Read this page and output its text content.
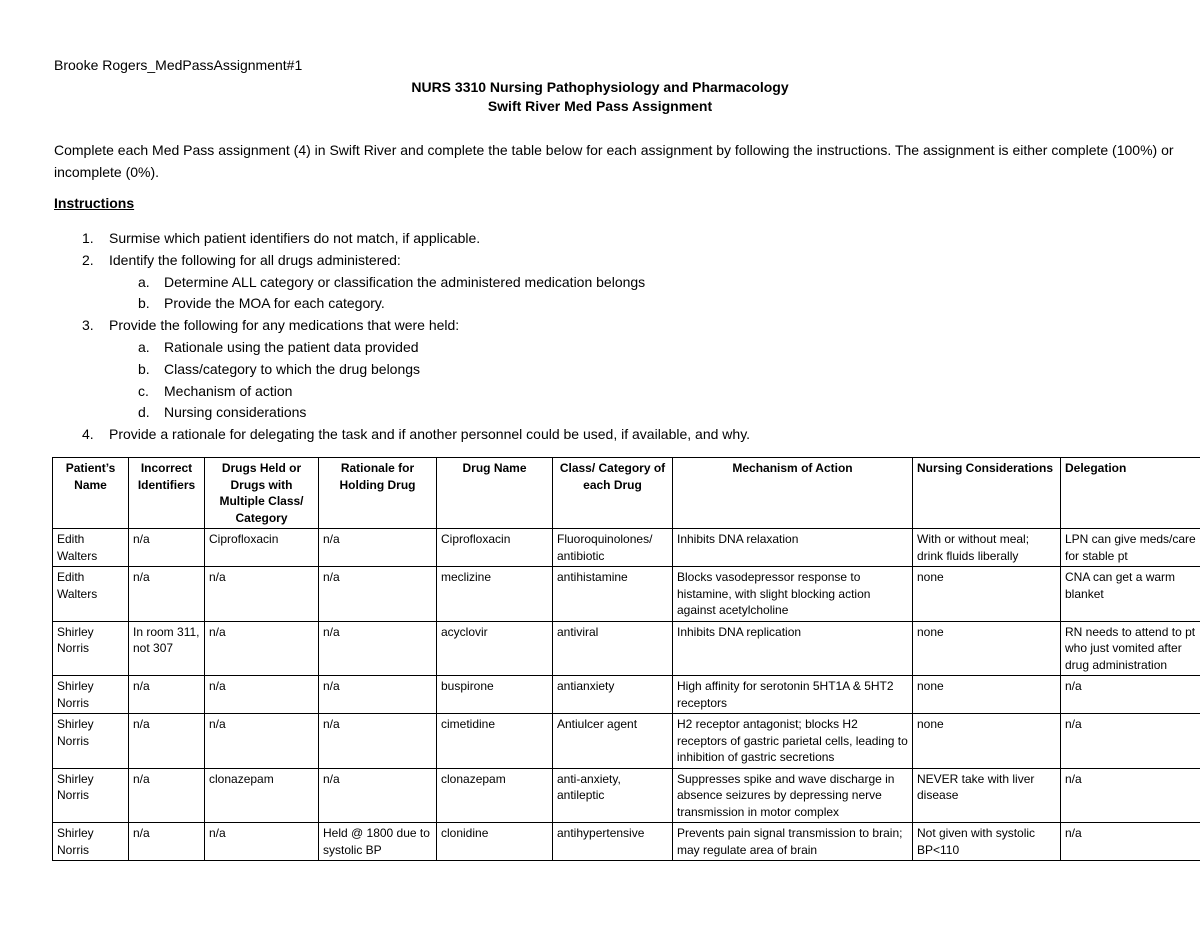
Brooke Rogers_MedPassAssignment#1
NURS 3310 Nursing Pathophysiology and Pharmacology
Swift River Med Pass Assignment
Complete each Med Pass assignment (4) in Swift River and complete the table below for each assignment by following the instructions. The assignment is either complete (100%) or incomplete (0%).
Instructions
1. Surmise which patient identifiers do not match, if applicable.
2. Identify the following for all drugs administered:
a. Determine ALL category or classification the administered medication belongs
b. Provide the MOA for each category.
3. Provide the following for any medications that were held:
a. Rationale using the patient data provided
b. Class/category to which the drug belongs
c. Mechanism of action
d. Nursing considerations
4. Provide a rationale for delegating the task and if another personnel could be used, if available, and why.
Patient’s Name	Incorrect Identifiers	Drugs Held or Drugs with Multiple Class/ Category	Rationale for Holding Drug	Drug Name	Class/ Category of each Drug	Mechanism of Action	Nursing Considerations	Delegation
Edith Walters	n/a	Ciprofloxacin	n/a	Ciprofloxacin	Fluoroquinolones/ antibiotic	Inhibits DNA relaxation	With or without meal; drink fluids liberally	LPN can give meds/care for stable pt
Edith Walters	n/a	n/a	n/a	meclizine	antihistamine	Blocks vasodepressor response to histamine, with slight blocking action against acetylcholine	none	CNA can get a warm blanket
Shirley Norris	In room 311, not 307	n/a	n/a	acyclovir	antiviral	Inhibits DNA replication	none	RN needs to attend to pt who just vomited after drug administration
Shirley Norris	n/a	n/a	n/a	buspirone	antianxiety	High affinity for serotonin 5HT1A & 5HT2 receptors	none	n/a
Shirley Norris	n/a	n/a	n/a	cimetidine	Antiulcer agent	H2 receptor antagonist; blocks H2 receptors of gastric parietal cells, leading to inhibition of gastric secretions	none	n/a
Shirley Norris	n/a	clonazepam	n/a	clonazepam	anti-anxiety, antileptic	Suppresses spike and wave discharge in absence seizures by depressing nerve transmission in motor complex	NEVER take with liver disease	n/a
Shirley Norris	n/a	n/a	Held @ 1800 due to systolic BP	clonidine	antihypertensive	Prevents pain signal transmission to brain; may regulate area of brain	Not given with systolic BP<110	n/a
